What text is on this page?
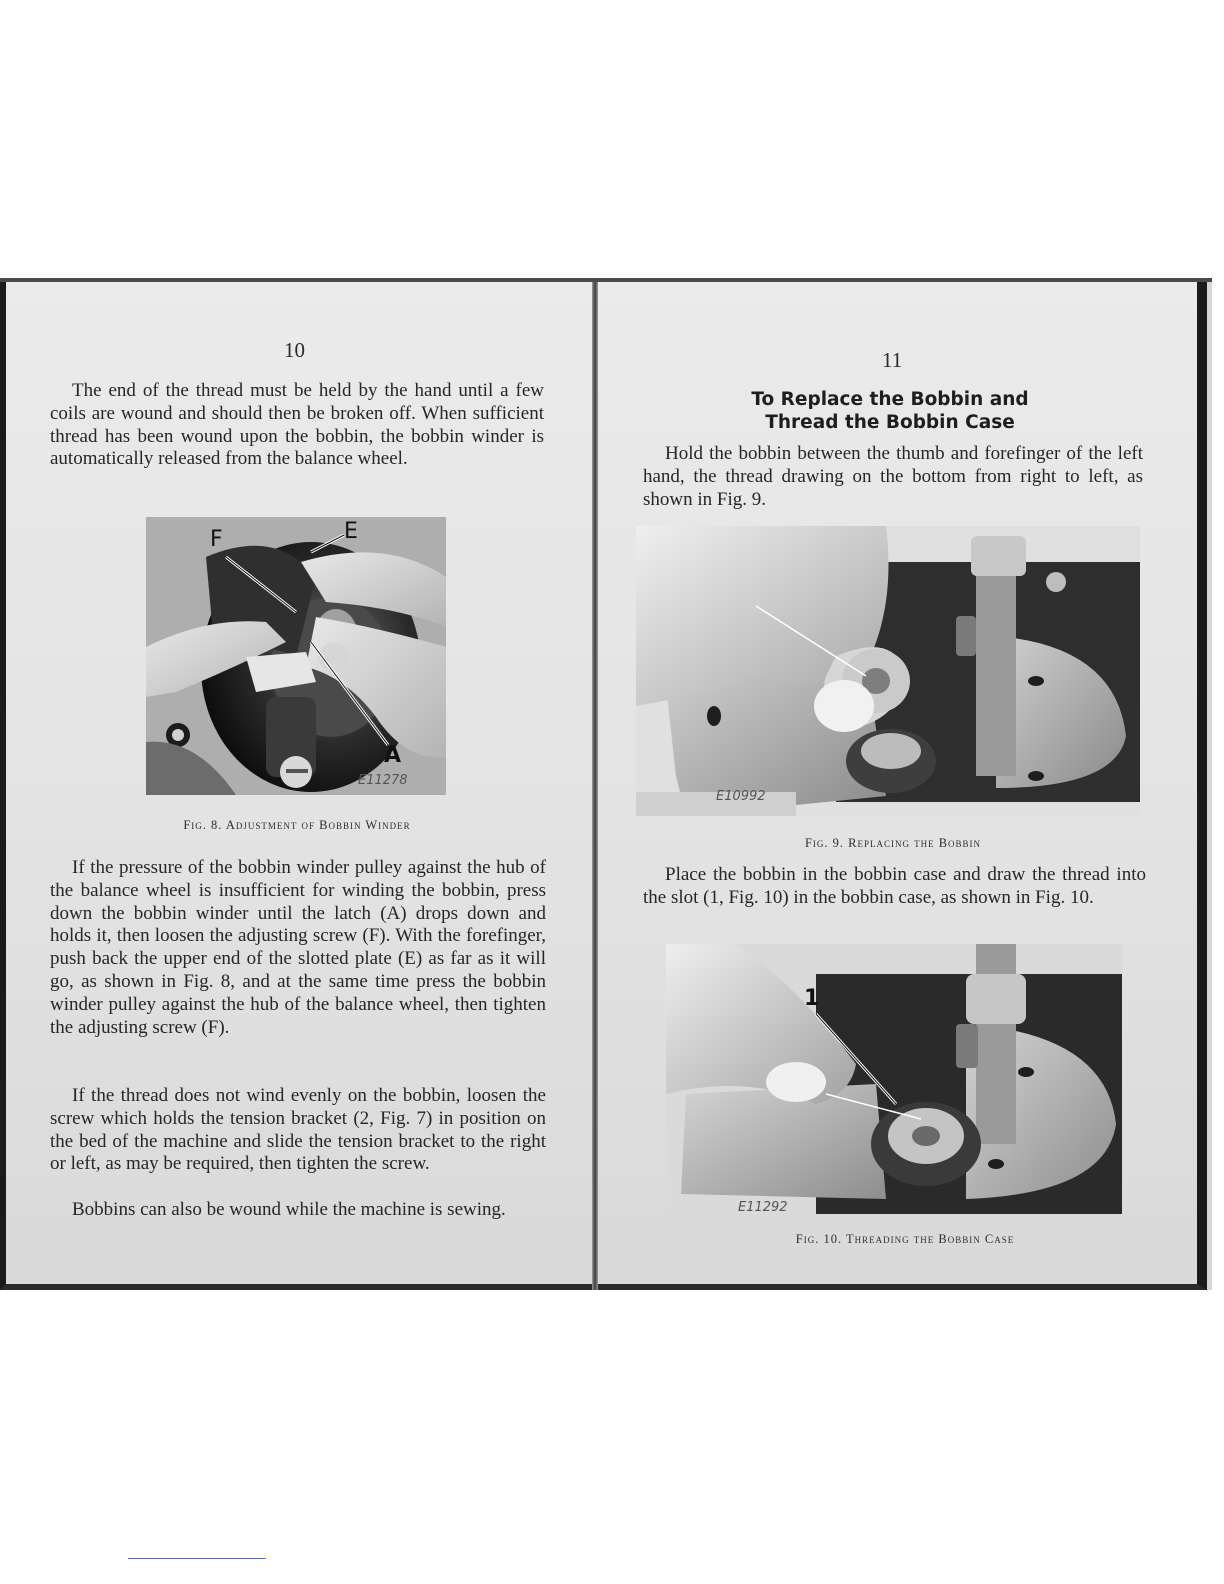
10

The end of the thread must be held by the hand until a few coils are wound and should then be broken off. When sufficient thread has been wound upon the bobbin, the bobbin winder is automatically released from the balance wheel.

F	E
A
E11278
Fig. 8. Adjustment of Bobbin Winder

If the pressure of the bobbin winder pulley against the hub of the balance wheel is insufficient for winding the bobbin, press down the bobbin winder until the latch (A) drops down and holds it, then loosen the adjusting screw (F). With the forefinger, push back the upper end of the slotted plate (E) as far as it will go, as shown in Fig. 8, and at the same time press the bobbin winder pulley against the hub of the balance wheel, then tighten the adjusting screw (F).

If the thread does not wind evenly on the bobbin, loosen the screw which holds the tension bracket (2, Fig. 7) in position on the bed of the machine and slide the tension bracket to the right or left, as may be required, then tighten the screw.

Bobbins can also be wound while the machine is sewing.

11
To Replace the Bobbin and
Thread the Bobbin Case

Hold the bobbin between the thumb and forefinger of the left hand, the thread drawing on the bottom from right to left, as shown in Fig. 9.

E10992
Fig. 9. Replacing the Bobbin

Place the bobbin in the bobbin case and draw the thread into the slot (1, Fig. 10) in the bobbin case, as shown in Fig. 10.

1
E11292
Fig. 10. Threading the Bobbin Case
